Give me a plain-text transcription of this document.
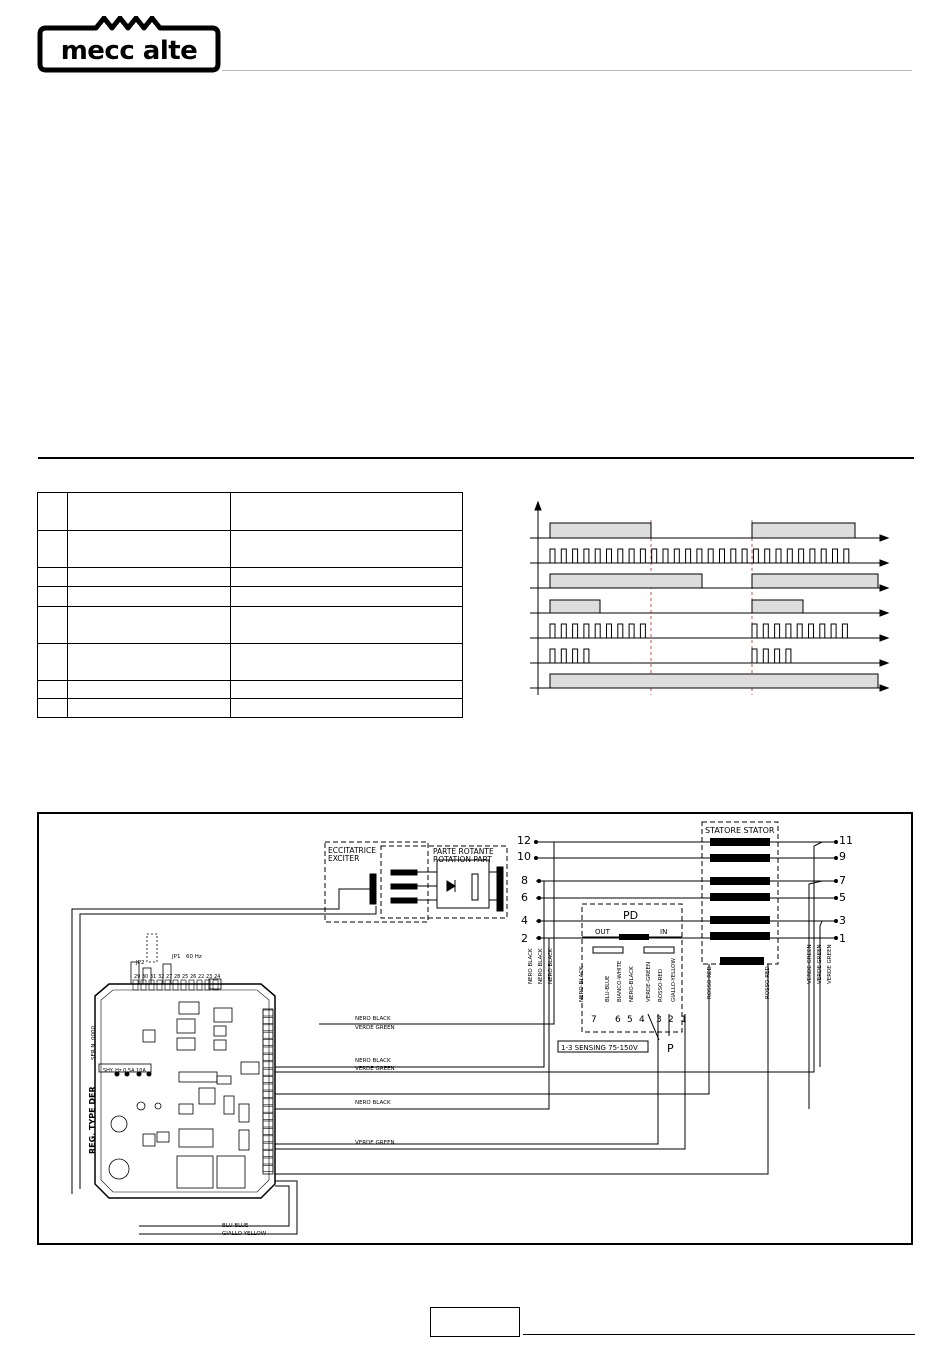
mecc alte

ECCITATRICE
EXCITER
PARTE ROTANTE
ROTATION PART
STATORE STATOR
12
10
8
6
4
2
11
9
7
5
3
1
PD
OUT	IN
7 6 5 4 3 2 1
1-3 SENSING 75-150V	P
NERO-BLACK	BLU-BLUE BIANCO-WHITE NERO-BLACK VERDE-GREEN ROSSO-RED GIALLO-YELLOW
NERO BLACK NERO BLACK NERO BLACK	ROSSO RED	ROSSO RED	VERDE GREEN VERDE GREEN VERDE GREEN
NERO BLACK
VERDE GREEN
NERO BLACK
VERDE GREEN
NERO BLACK
VERDE GREEN
BLU BLUE
GIALLO YELLOW
JP2
JP1 60 Hz
SHY. Hz 0.5A 10A
REG. TYPE DER
SER.N. 0000
29 30 31 32 27 28 25 26 22 23 24
